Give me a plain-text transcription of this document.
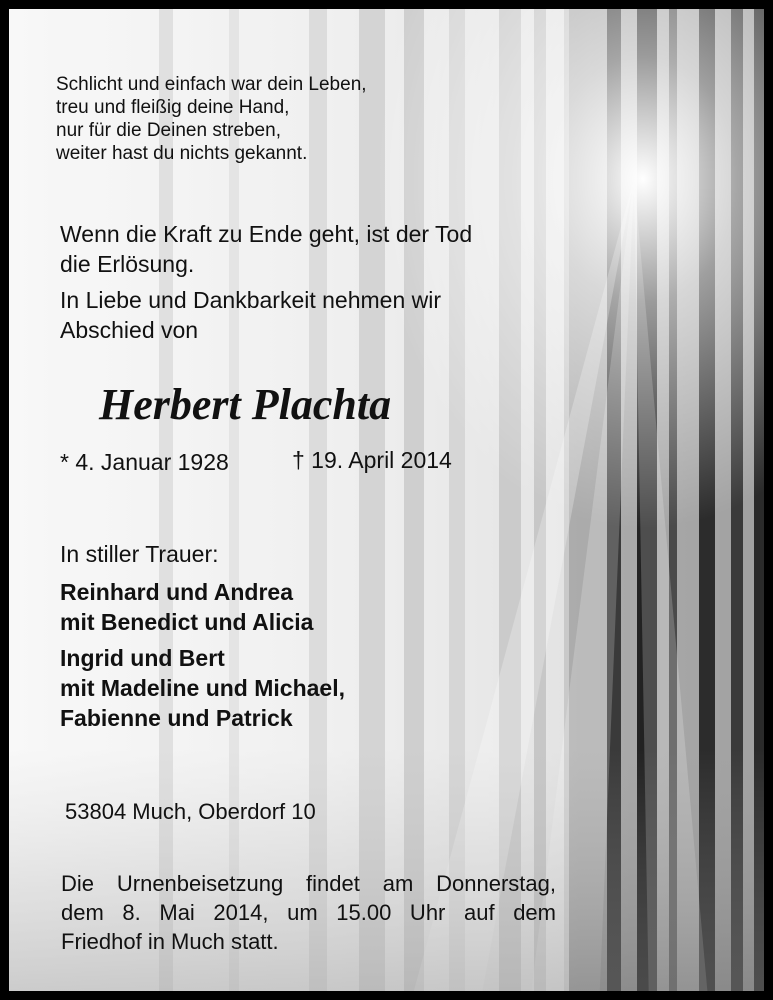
Schlicht und einfach war dein Leben,
treu und fleißig deine Hand,
nur für die Deinen streben,
weiter hast du nichts gekannt.
Wenn die Kraft zu Ende geht, ist der Tod
die Erlösung.
In Liebe und Dankbarkeit nehmen wir
Abschied von
Herbert Plachta
* 4. Januar 1928	† 19. April 2014
In stiller Trauer:
Reinhard und Andrea
mit Benedict und Alicia
Ingrid und Bert
mit Madeline und Michael,
Fabienne und Patrick
53804 Much, Oberdorf 10
Die Urnenbeisetzung findet am Donnerstag,
dem 8. Mai 2014, um 15.00 Uhr auf dem
Friedhof in Much statt.
